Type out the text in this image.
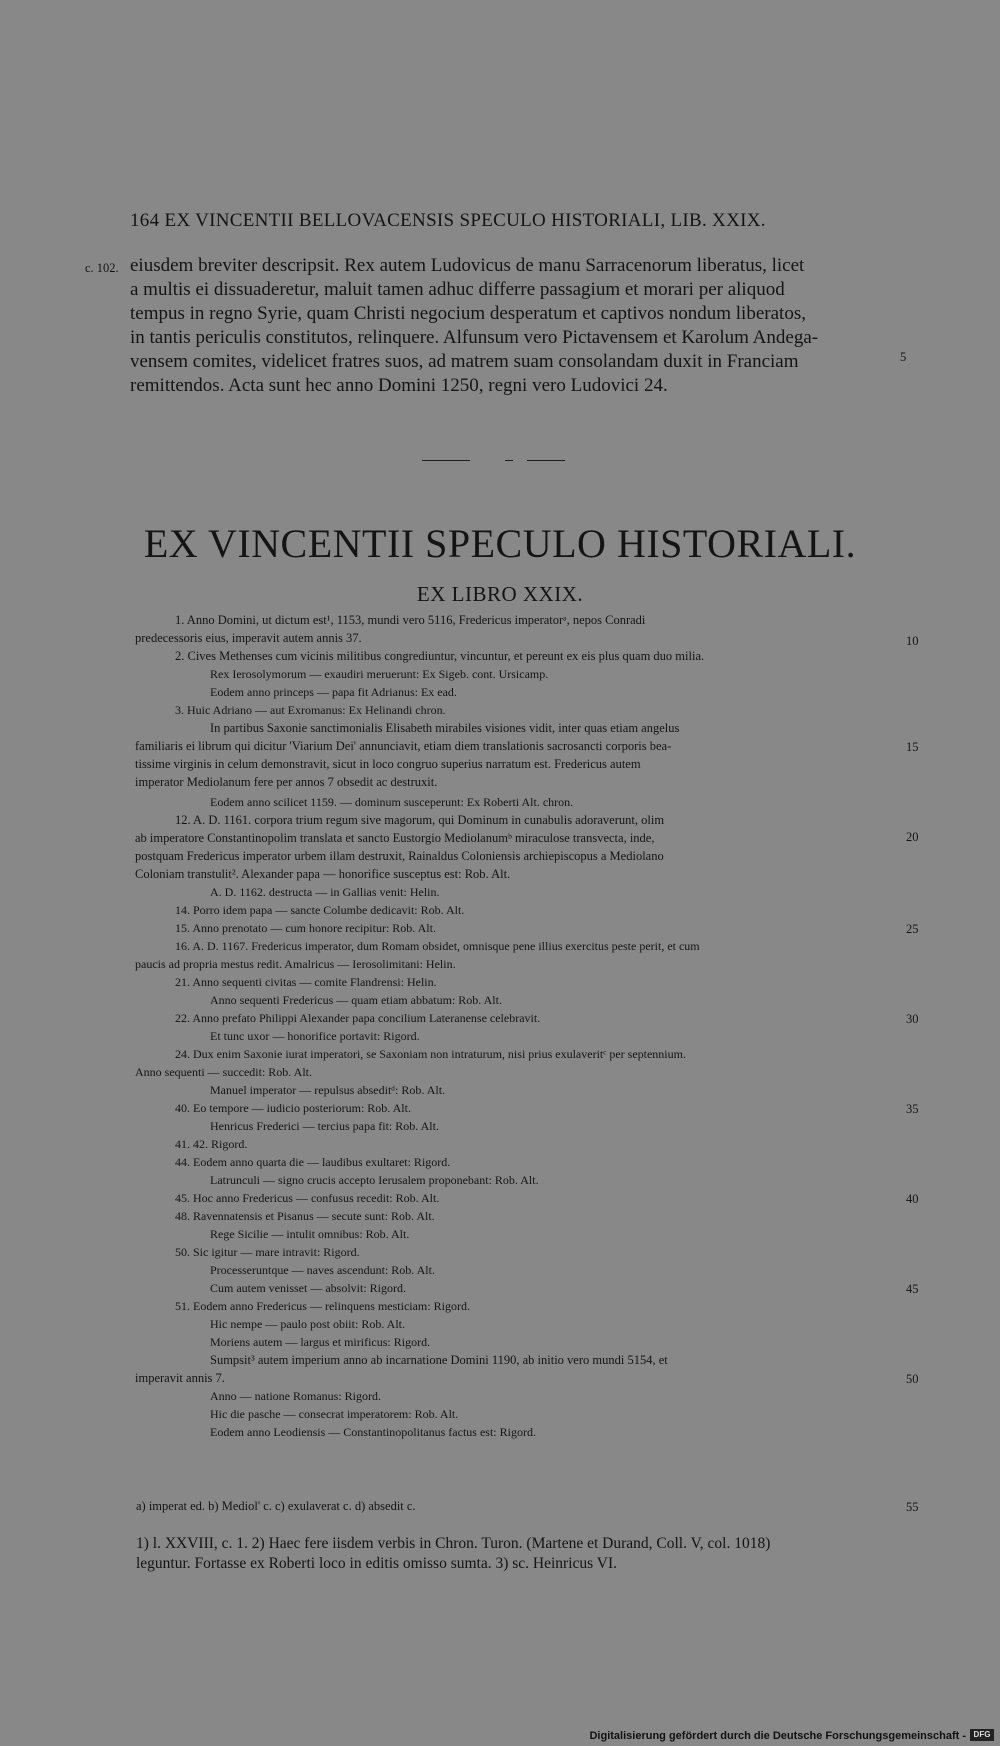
164 EX VINCENTII BELLOVACENSIS SPECULO HISTORIALI, LIB. XXIX.
c. 102. eiusdem breviter descripsit. Rex autem Ludovicus de manu Sarracenorum liberatus, licet
a multis ei dissuaderetur, maluit tamen adhuc differre passagium et morari per aliquod
tempus in regno Syrie, quam Christi negocium desperatum et captivos nondum liberatos,
in tantis periculis constitutos, relinquere. Alfunsum vero Pictavensem et Karolum Andega-
vensem comites, videlicet fratres suos, ad matrem suam consolandam duxit in Franciam
remittendos. Acta sunt hec anno Domini 1250, regni vero Ludovici 24.
5
EX VINCENTII SPECULO HISTORIALI.
EX LIBRO XXIX.
1. Anno Domini, ut dictum est¹, 1153, mundi vero 5116, Fredericus imperatorᵃ, nepos Conradi
predecessoris eius, imperavit autem annis 37.
2. Cives Methenses cum vicinis militibus congrediuntur, vincuntur, et pereunt ex eis plus quam duo milia.
Rex Ierosolymorum — exaudiri meruerunt: Ex Sigeb. cont. Ursicamp.
Eodem anno princeps — papa fit Adrianus: Ex ead.
3. Huic Adriano — aut Exromanus: Ex Helinandi chron.
In partibus Saxonie sanctimonialis Elisabeth mirabiles visiones vidit, inter quas etiam angelus
familiaris ei librum qui dicitur 'Viarium Dei' annunciavit, etiam diem translationis sacrosancti corporis bea-
tissime virginis in celum demonstravit, sicut in loco congruo superius narratum est. Fredericus autem
imperator Mediolanum fere per annos 7 obsedit ac destruxit.
Eodem anno scilicet 1159. — dominum susceperunt: Ex Roberti Alt. chron.
12. A. D. 1161. corpora trium regum sive magorum, qui Dominum in cunabulis adoraverunt, olim
ab imperatore Constantinopolim translata et sancto Eustorgio Mediolanumᵇ miraculose transvecta, inde,
postquam Fredericus imperator urbem illam destruxit, Rainaldus Coloniensis archiepiscopus a Mediolano
Coloniam transtulit². Alexander papa — honorifice susceptus est: Rob. Alt.
A. D. 1162. destructa — in Gallias venit: Helin.
14. Porro idem papa — sancte Columbe dedicavit: Rob. Alt.
15. Anno prenotato — cum honore recipitur: Rob. Alt.
16. A. D. 1167. Fredericus imperator, dum Romam obsidet, omnisque pene illius exercitus peste perit, et cum
paucis ad propria mestus redit. Amalricus — Ierosolimitani: Helin.
21. Anno sequenti civitas — comite Flandrensi: Helin.
Anno sequenti Fredericus — quam etiam abbatum: Rob. Alt.
22. Anno prefato Philippi Alexander papa concilium Lateranense celebravit.
Et tunc uxor — honorifice portavit: Rigord.
24. Dux enim Saxonie iurat imperatori, se Saxoniam non intraturum, nisi prius exulaveritᶜ per septennium.
Anno sequenti — succedit: Rob. Alt.
Manuel imperator — repulsus abseditᵈ: Rob. Alt.
40. Eo tempore — iudicio posteriorum: Rob. Alt.
Henricus Frederici — tercius papa fit: Rob. Alt.
41. 42. Rigord.
44. Eodem anno quarta die — laudibus exultaret: Rigord.
Latrunculi — signo crucis accepto Ierusalem proponebant: Rob. Alt.
45. Hoc anno Fredericus — confusus recedit: Rob. Alt.
48. Ravennatensis et Pisanus — secute sunt: Rob. Alt.
Rege Sicilie — intulit omnibus: Rob. Alt.
50. Sic igitur — mare intravit: Rigord.
Processeruntque — naves ascendunt: Rob. Alt.
Cum autem venisset — absolvit: Rigord.
51. Eodem anno Fredericus — relinquens mesticiam: Rigord.
Hic nempe — paulo post obiit: Rob. Alt.
Moriens autem — largus et mirificus: Rigord.
Sumpsit³ autem imperium anno ab incarnatione Domini 1190, ab initio vero mundi 5154, et
imperavit annis 7.
Anno — natione Romanus: Rigord.
Hic die pasche — consecrat imperatorem: Rob. Alt.
Eodem anno Leodiensis — Constantinopolitanus factus est: Rigord.
10
15
20
25
30
35
40
45
50
55
a) imperat ed. b) Mediol' c. c) exulaverat c. d) absedit c.
1) l. XXVIII, c. 1. 2) Haec fere iisdem verbis in Chron. Turon. (Martene et Durand, Coll. V, col. 1018)
leguntur. Fortasse ex Roberti loco in editis omisso sumta. 3) sc. Heinricus VI.
Digitalisierung gefördert durch die Deutsche Forschungsgemeinschaft - DFG
